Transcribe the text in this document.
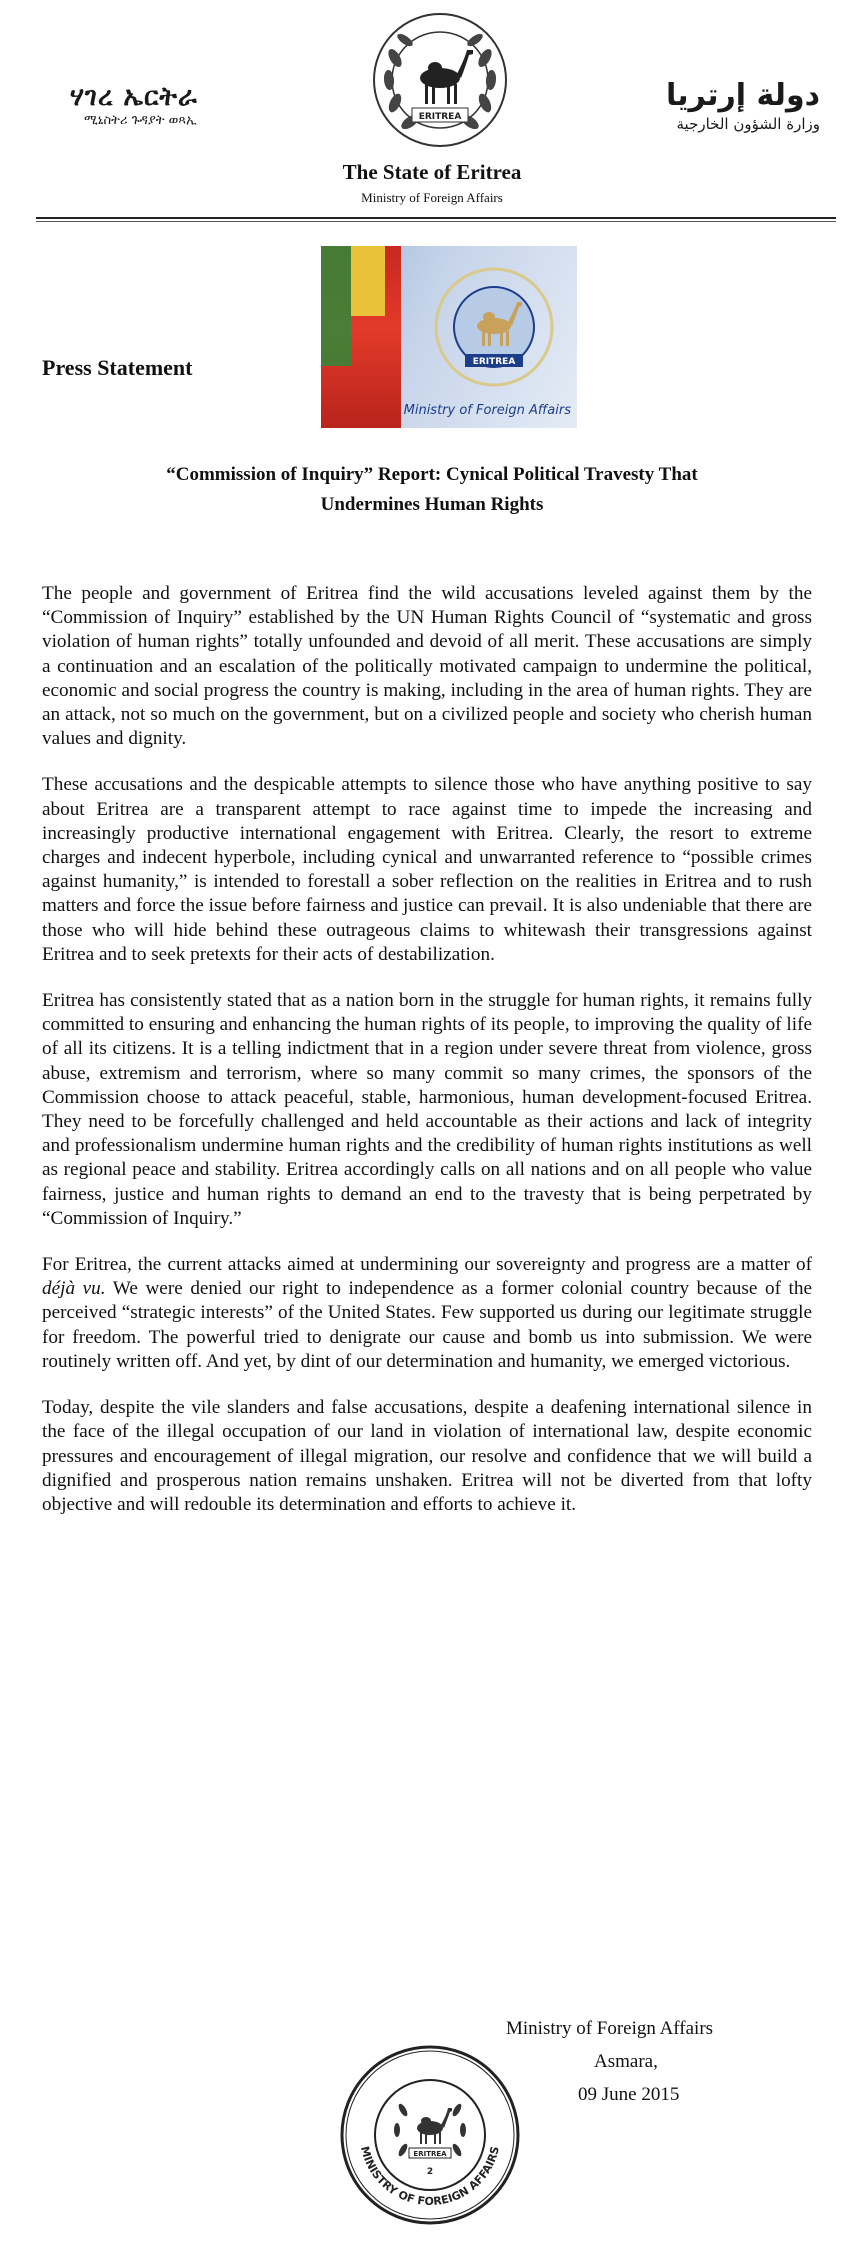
ሃገረ ኤርትራ
ሚኒስትሪ ጉዳያት ወጻኢ
دولة إرتريا
وزارة الشؤون الخارجية
ERITREA
The State of Eritrea
Ministry of Foreign Affairs
ERITREA
Ministry of Foreign Affairs
Press Statement
“Commission of Inquiry” Report: Cynical Political Travesty That
Undermines Human Rights

The people and government of Eritrea find the wild accusations leveled against them by the “Commission of Inquiry” established by the UN Human Rights Council of “systematic and gross violation of human rights” totally unfounded and devoid of all merit. These accusations are simply a continuation and an escalation of the politically motivated campaign to undermine the political, economic and social progress the country is making, including in the area of human rights. They are an attack, not so much on the government, but on a civilized people and society who cherish human values and dignity.

These accusations and the despicable attempts to silence those who have anything positive to say about Eritrea are a transparent attempt to race against time to impede the increasing and increasingly productive international engagement with Eritrea. Clearly, the resort to extreme charges and indecent hyperbole, including cynical and unwarranted reference to “possible crimes against humanity,” is intended to forestall a sober reflection on the realities in Eritrea and to rush matters and force the issue before fairness and justice can prevail. It is also undeniable that there are those who will hide behind these outrageous claims to whitewash their transgressions against Eritrea and to seek pretexts for their acts of destabilization.

Eritrea has consistently stated that as a nation born in the struggle for human rights, it remains fully committed to ensuring and enhancing the human rights of its people, to improving the quality of life of all its citizens. It is a telling indictment that in a region under severe threat from violence, gross abuse, extremism and terrorism, where so many commit so many crimes, the sponsors of the Commission choose to attack peaceful, stable, harmonious, human development-focused Eritrea. They need to be forcefully challenged and held accountable as their actions and lack of integrity and professionalism undermine human rights and the credibility of human rights institutions as well as regional peace and stability. Eritrea accordingly calls on all nations and on all people who value fairness, justice and human rights to demand an end to the travesty that is being perpetrated by “Commission of Inquiry.”

For Eritrea, the current attacks aimed at undermining our sovereignty and progress are a matter of déjà vu. We were denied our right to independence as a former colonial country because of the perceived “strategic interests” of the United States. Few supported us during our legitimate struggle for freedom. The powerful tried to denigrate our cause and bomb us into submission. We were routinely written off. And yet, by dint of our determination and humanity, we emerged victorious.

Today, despite the vile slanders and false accusations, despite a deafening international silence in the face of the illegal occupation of our land in violation of international law, despite economic pressures and encouragement of illegal migration, our resolve and confidence that we will build a dignified and prosperous nation remains unshaken. Eritrea will not be diverted from that lofty objective and will redouble its determination and efforts to achieve it.

Ministry of Foreign Affairs
Asmara,
09 June 2015
MINISTRY OF FOREIGN AFFAIRS
ERITREA
2
